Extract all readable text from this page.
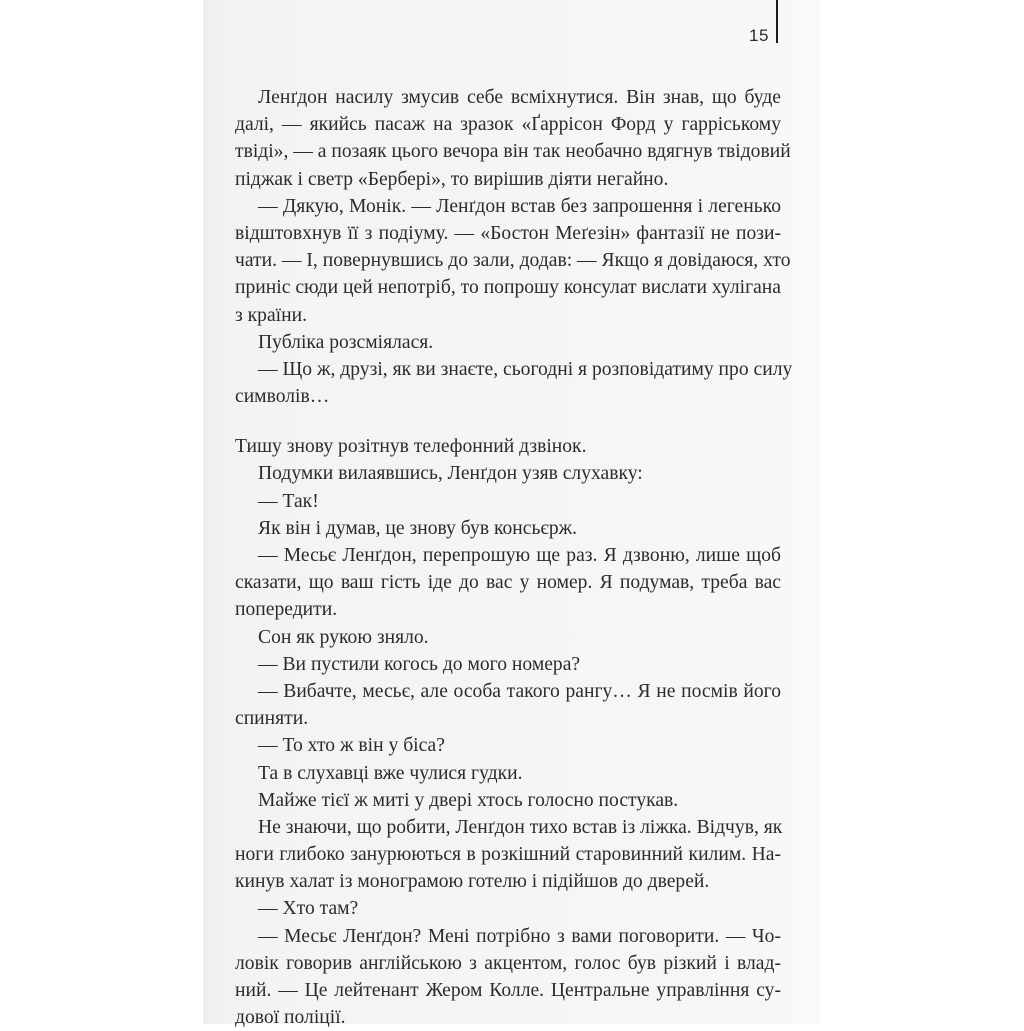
15
Ленґдон насилу змусив себе всміхнутися. Він знав, що буде
далі, — якийсь пасаж на зразок «Ґаррісон Форд у гаррiському
твіді», — а позаяк цього вечора він так необачно вдягнув твідовий
піджак і светр «Берберi», то вирішив діяти негайно.
— Дякую, Монік. — Ленґдон встав без запрошення і легенько
відштовхнув її з подіуму. — «Бостон Меґезін» фантазії не пози-
чати. — І, повернувшись до зали, додав: — Якщо я довідаюся, хто
приніс сюди цей непотріб, то попрошу консулат вислати хулігана
з країни.
Публіка розсміялася.
— Що ж, друзі, як ви знаєте, сьогодні я розповідатиму про силу
символів…
Тишу знову розітнув телефонний дзвінок.
Подумки вилаявшись, Ленґдон узяв слухавку:
— Так!
Як він і думав, це знову був консьєрж.
— Месьє Ленґдон, перепрошую ще раз. Я дзвоню, лише щоб
сказати, що ваш гість іде до вас у номер. Я подумав, треба вас
попередити.
Сон як рукою зняло.
— Ви пустили когось до мого номера?
— Вибачте, месьє, але особа такого рангу… Я не посмів його
спиняти.
— То хто ж він у біса?
Та в слухавці вже чулися гудки.
Майже тієї ж миті у двері хтось голосно постукав.
Не знаючи, що робити, Ленґдон тихо встав із ліжка. Відчув, як
ноги глибоко занурюються в розкішний старовинний килим. На-
кинув халат із монограмою готелю і підійшов до дверей.
— Хто там?
— Месьє Ленґдон? Мені потрібно з вами поговорити. — Чо-
ловік говорив англійською з акцентом, голос був різкий і влад-
ний. — Це лейтенант Жером Колле. Центральне управління су-
дової поліції.
